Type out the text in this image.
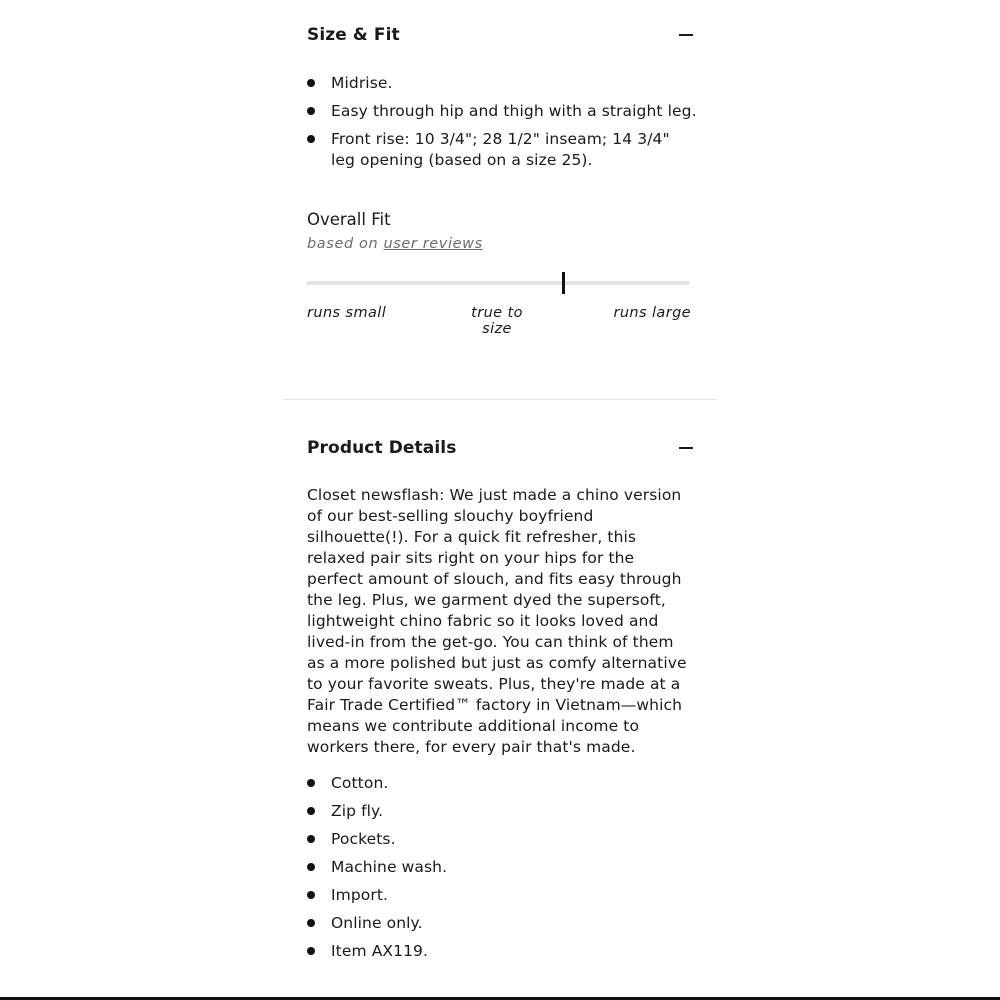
Size & Fit
Midrise.
Easy through hip and thigh with a straight leg.
Front rise: 10 3/4"; 28 1/2" inseam; 14 3/4" leg opening (based on a size 25).
Overall Fit
based on user reviews
runs small	true to size
runs large
Product Details

Closet newsflash: We just made a chino version of our best-selling slouchy boyfriend silhouette(!). For a quick fit refresher, this relaxed pair sits right on your hips for the perfect amount of slouch, and fits easy through the leg. Plus, we garment dyed the supersoft, lightweight chino fabric so it looks loved and lived-in from the get-go. You can think of them as a more polished but just as comfy alternative to your favorite sweats. Plus, they're made at a Fair Trade Certified™ factory in Vietnam—which means we contribute additional income to workers there, for every pair that's made.

Cotton.
Zip fly.
Pockets.
Machine wash.
Import.
Online only.
Item AX119.
